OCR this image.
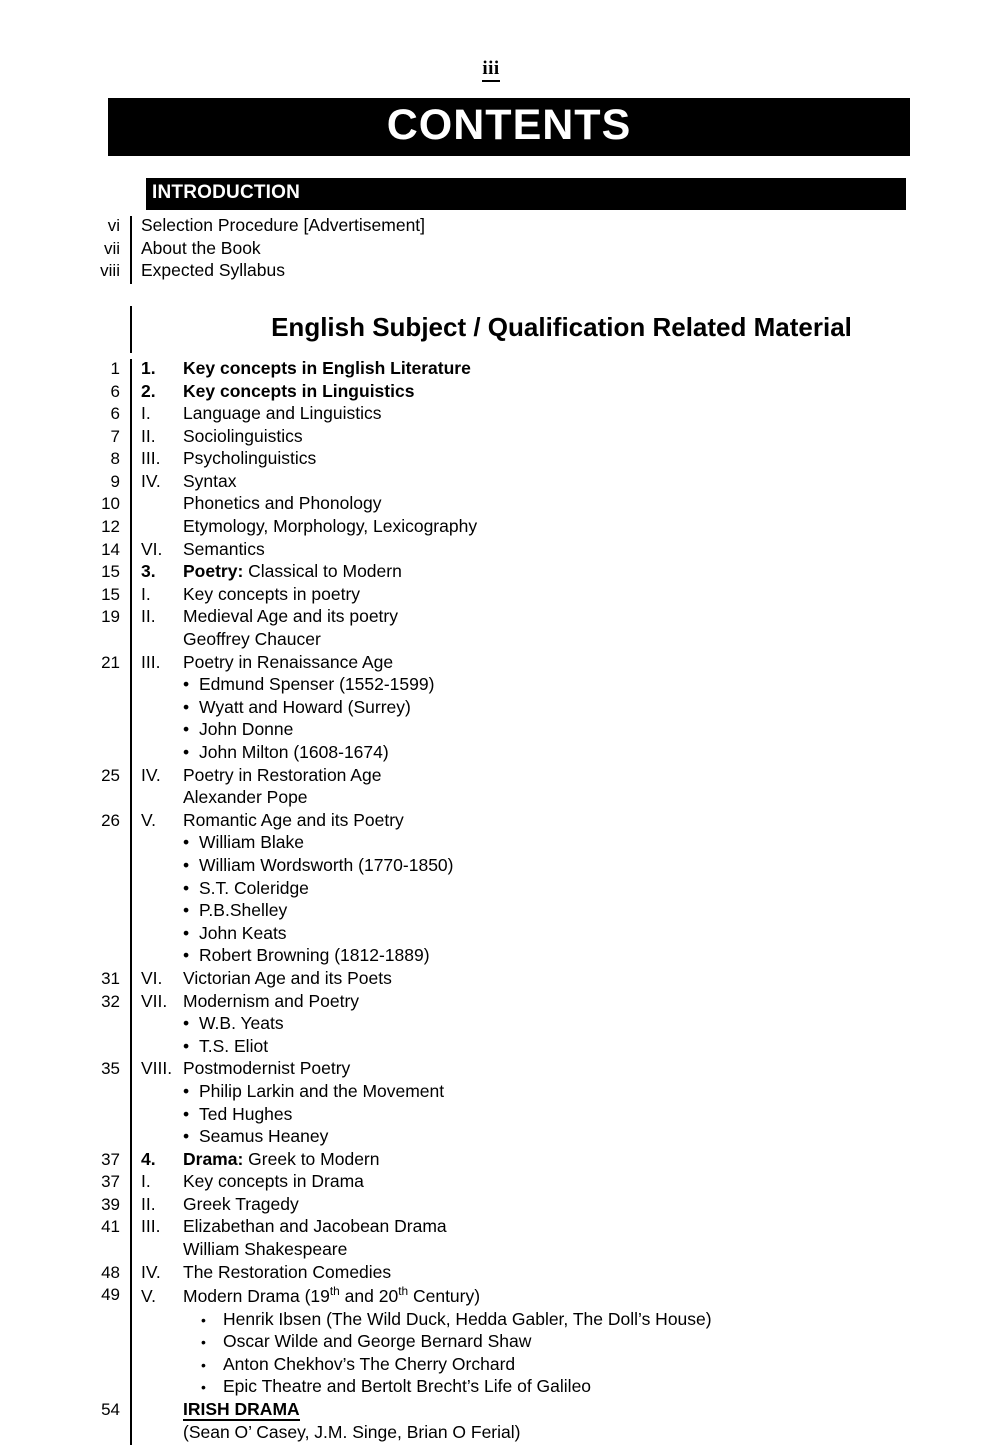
iii
CONTENTS
INTRODUCTION
vi	Selection Procedure [Advertisement]
vii	About the Book
viii	Expected Syllabus
English Subject / Qualification Related Material
1	1. Key concepts in English Literature
6	2. Key concepts in Linguistics
6	I. Language and Linguistics
7	II. Sociolinguistics
8	III. Psycholinguistics
9	IV. Syntax
10	Phonetics and Phonology
12	Etymology, Morphology, Lexicography
14	VI. Semantics
15	3. Poetry: Classical to Modern
15	I. Key concepts in poetry
19	II. Medieval Age and its poetry
Geoffrey Chaucer
21	III. Poetry in Renaissance Age
• Edmund Spenser (1552-1599)
• Wyatt and Howard (Surrey)
• John Donne
• John Milton (1608-1674)
25	IV. Poetry in Restoration Age
Alexander Pope
26	V. Romantic Age and its Poetry
• William Blake
• William Wordsworth (1770-1850)
• S.T. Coleridge
• P.B.Shelley
• John Keats
• Robert Browning (1812-1889)
31	VI. Victorian Age and its Poets
32	VII. Modernism and Poetry
• W.B. Yeats
• T.S. Eliot
35	VIII. Postmodernist Poetry
• Philip Larkin and the Movement
• Ted Hughes
• Seamus Heaney
37	4. Drama: Greek to Modern
37	I. Key concepts in Drama
39	II. Greek Tragedy
41	III. Elizabethan and Jacobean Drama
William Shakespeare
48	IV. The Restoration Comedies
49	V. Modern Drama (19th and 20th Century)
• Henrik Ibsen (The Wild Duck, Hedda Gabler, The Doll’s House)
• Oscar Wilde and George Bernard Shaw
• Anton Chekhov’s The Cherry Orchard
• Epic Theatre and Bertolt Brecht’s Life of Galileo
54	IRISH DRAMA
(Sean O’ Casey, J.M. Singe, Brian O Ferial)
